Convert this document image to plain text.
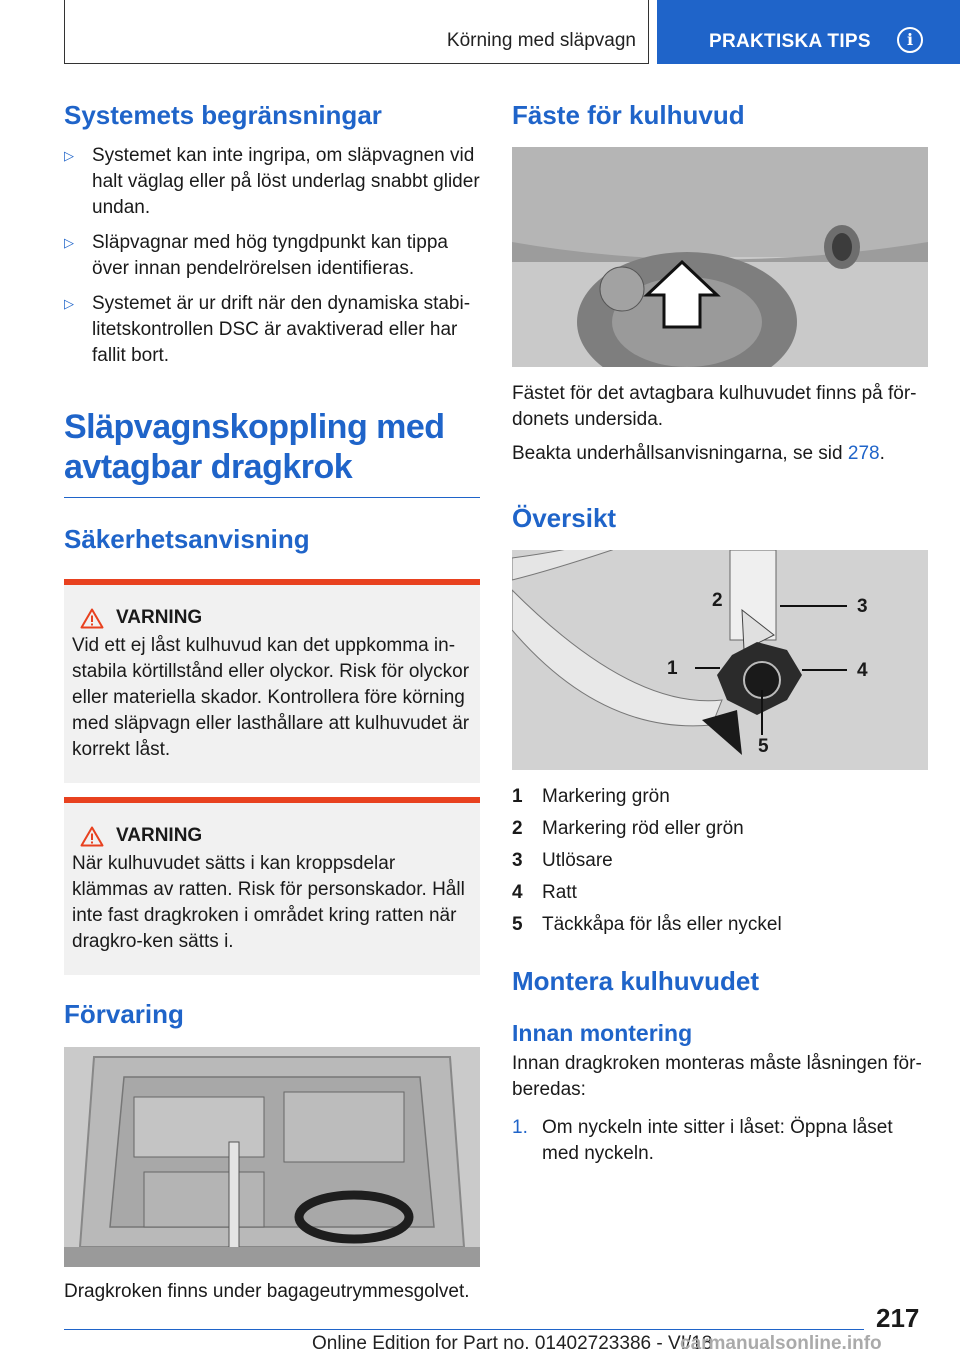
Körning med släpvagn	PRAKTISKA TIPS	i
Systemets begränsningar
▷ Systemet kan inte ingripa, om släpvagnen vid halt väglag eller på löst underlag snabbt glider undan.
▷ Släpvagnar med hög tyngdpunkt kan tippa över innan pendelrörelsen identifieras.
▷ Systemet är ur drift när den dynamiska stabi-litetskontrollen DSC är avaktiverad eller har fallit bort.
Släpvagnskoppling med avtagbar dragkrok
Säkerhetsanvisning
VARNING

Vid ett ej låst kulhuvud kan det uppkomma in-stabila körtillstånd eller olyckor. Risk för olyckor eller materiella skador. Kontrollera före körning med släpvagn eller lasthållare att kulhuvudet är korrekt låst.

VARNING

När kulhuvudet sätts i kan kroppsdelar klämmas av ratten. Risk för personskador. Håll inte fast dragkroken i området kring ratten när dragkro-ken sätts i.

Förvaring

Dragkroken finns under bagageutrymmesgolvet.

Fäste för kulhuvud

Fästet för det avtagbara kulhuvudet finns på för-donets undersida.

Beakta underhållsanvisningarna, se sid 278.

Översikt
1
2	3
4
5
1	Markering grön
2	Markering röd eller grön
3	Utlösare
4	Ratt
5	Täckkåpa för lås eller nyckel
Montera kulhuvudet
Innan montering

Innan dragkroken monteras måste låsningen för-beredas:

1. Om nyckeln inte sitter i låset: Öppna låset med nyckeln.
217
Online Edition for Part no. 01402723386 - VI/18
carmanualsonline.info
